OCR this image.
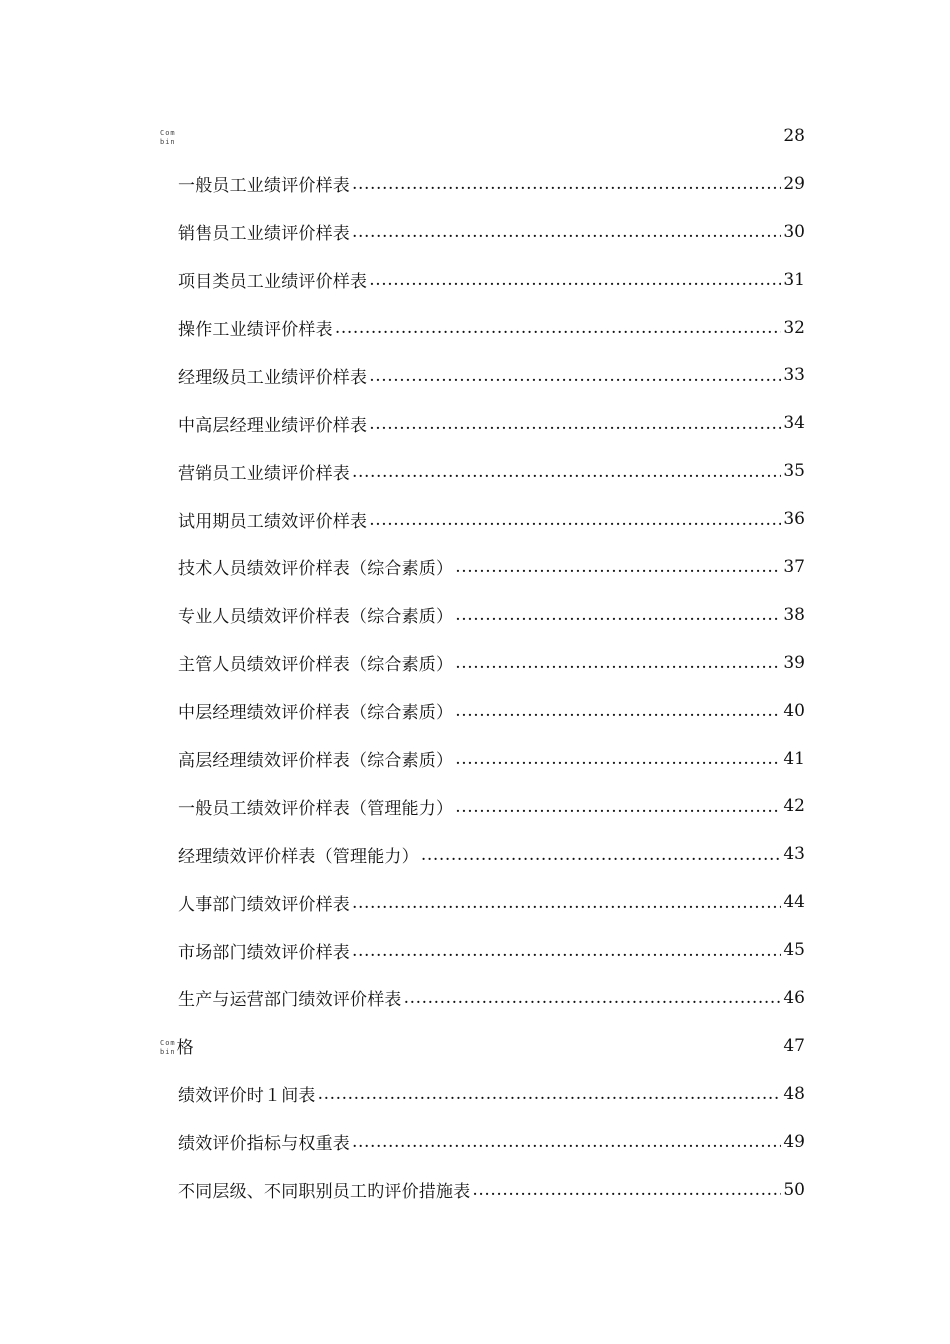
Com
bin	28
一般员工业绩评价样表 .....	29
销售员工业绩评价样表 .....	30
项目类员工业绩评价样表 .....	31
操作工业绩评价样表 .....	32
经理级员工业绩评价样表 .....	33
中高层经理业绩评价样表 .....	34
营销员工业绩评价样表 .....	35
试用期员工绩效评价样表 .....	36
技术人员绩效评价样表（综合素质） .....	37
专业人员绩效评价样表（综合素质） .....	38
主管人员绩效评价样表（综合素质） .....	39
中层经理绩效评价样表（综合素质） .....	40
高层经理绩效评价样表（综合素质） .....	41
一般员工绩效评价样表（管理能力） .....	42
经理绩效评价样表（管理能力） .....	43
人事部门绩效评价样表 .....	44
市场部门绩效评价样表 .....	45
生产与运营部门绩效评价样表 .....	46
Com
bin 格	47
绩效评价时１间表 .....	48
绩效评价指标与权重表 .....	49
不同层级、不同职别员工旳评价措施表 .....	50
